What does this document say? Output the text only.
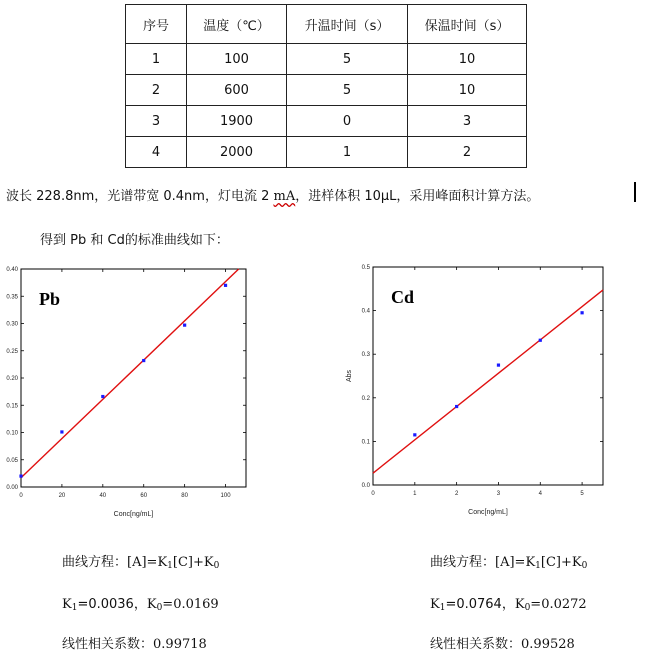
序号	温度（℃）	升温时间（s）	保温时间（s）
1	100	5	10
2	600	5	10
3	1900	0	3
4	2000	1	2
波长 228.8nm，光谱带宽 0.4nm，灯电流 2 mA，进样体积 10μL，采用峰面积计算方法。
得到 Pb 和 Cd的标准曲线如下：
0.00
0.05
0.10
0.15
0.20
0.25
0.30
0.35
0.40
0	20	40	60	80	100
Conc[ng/mL]
Pb
0.0
0.1
0.2
0.3
0.4
0.5
0	1	2	3	4	5
Conc[ng/mL]
Abs
Cd
曲线方程：$[A]=K_1[C]+K_0$
$K_1=0.0036$，$K_0=0.0169$
线性相关系数：0.99718
曲线方程：$[A]=K_1[C]+K_0$
$K_1=0.0764$，$K_0=0.0272$
线性相关系数：0.99528
